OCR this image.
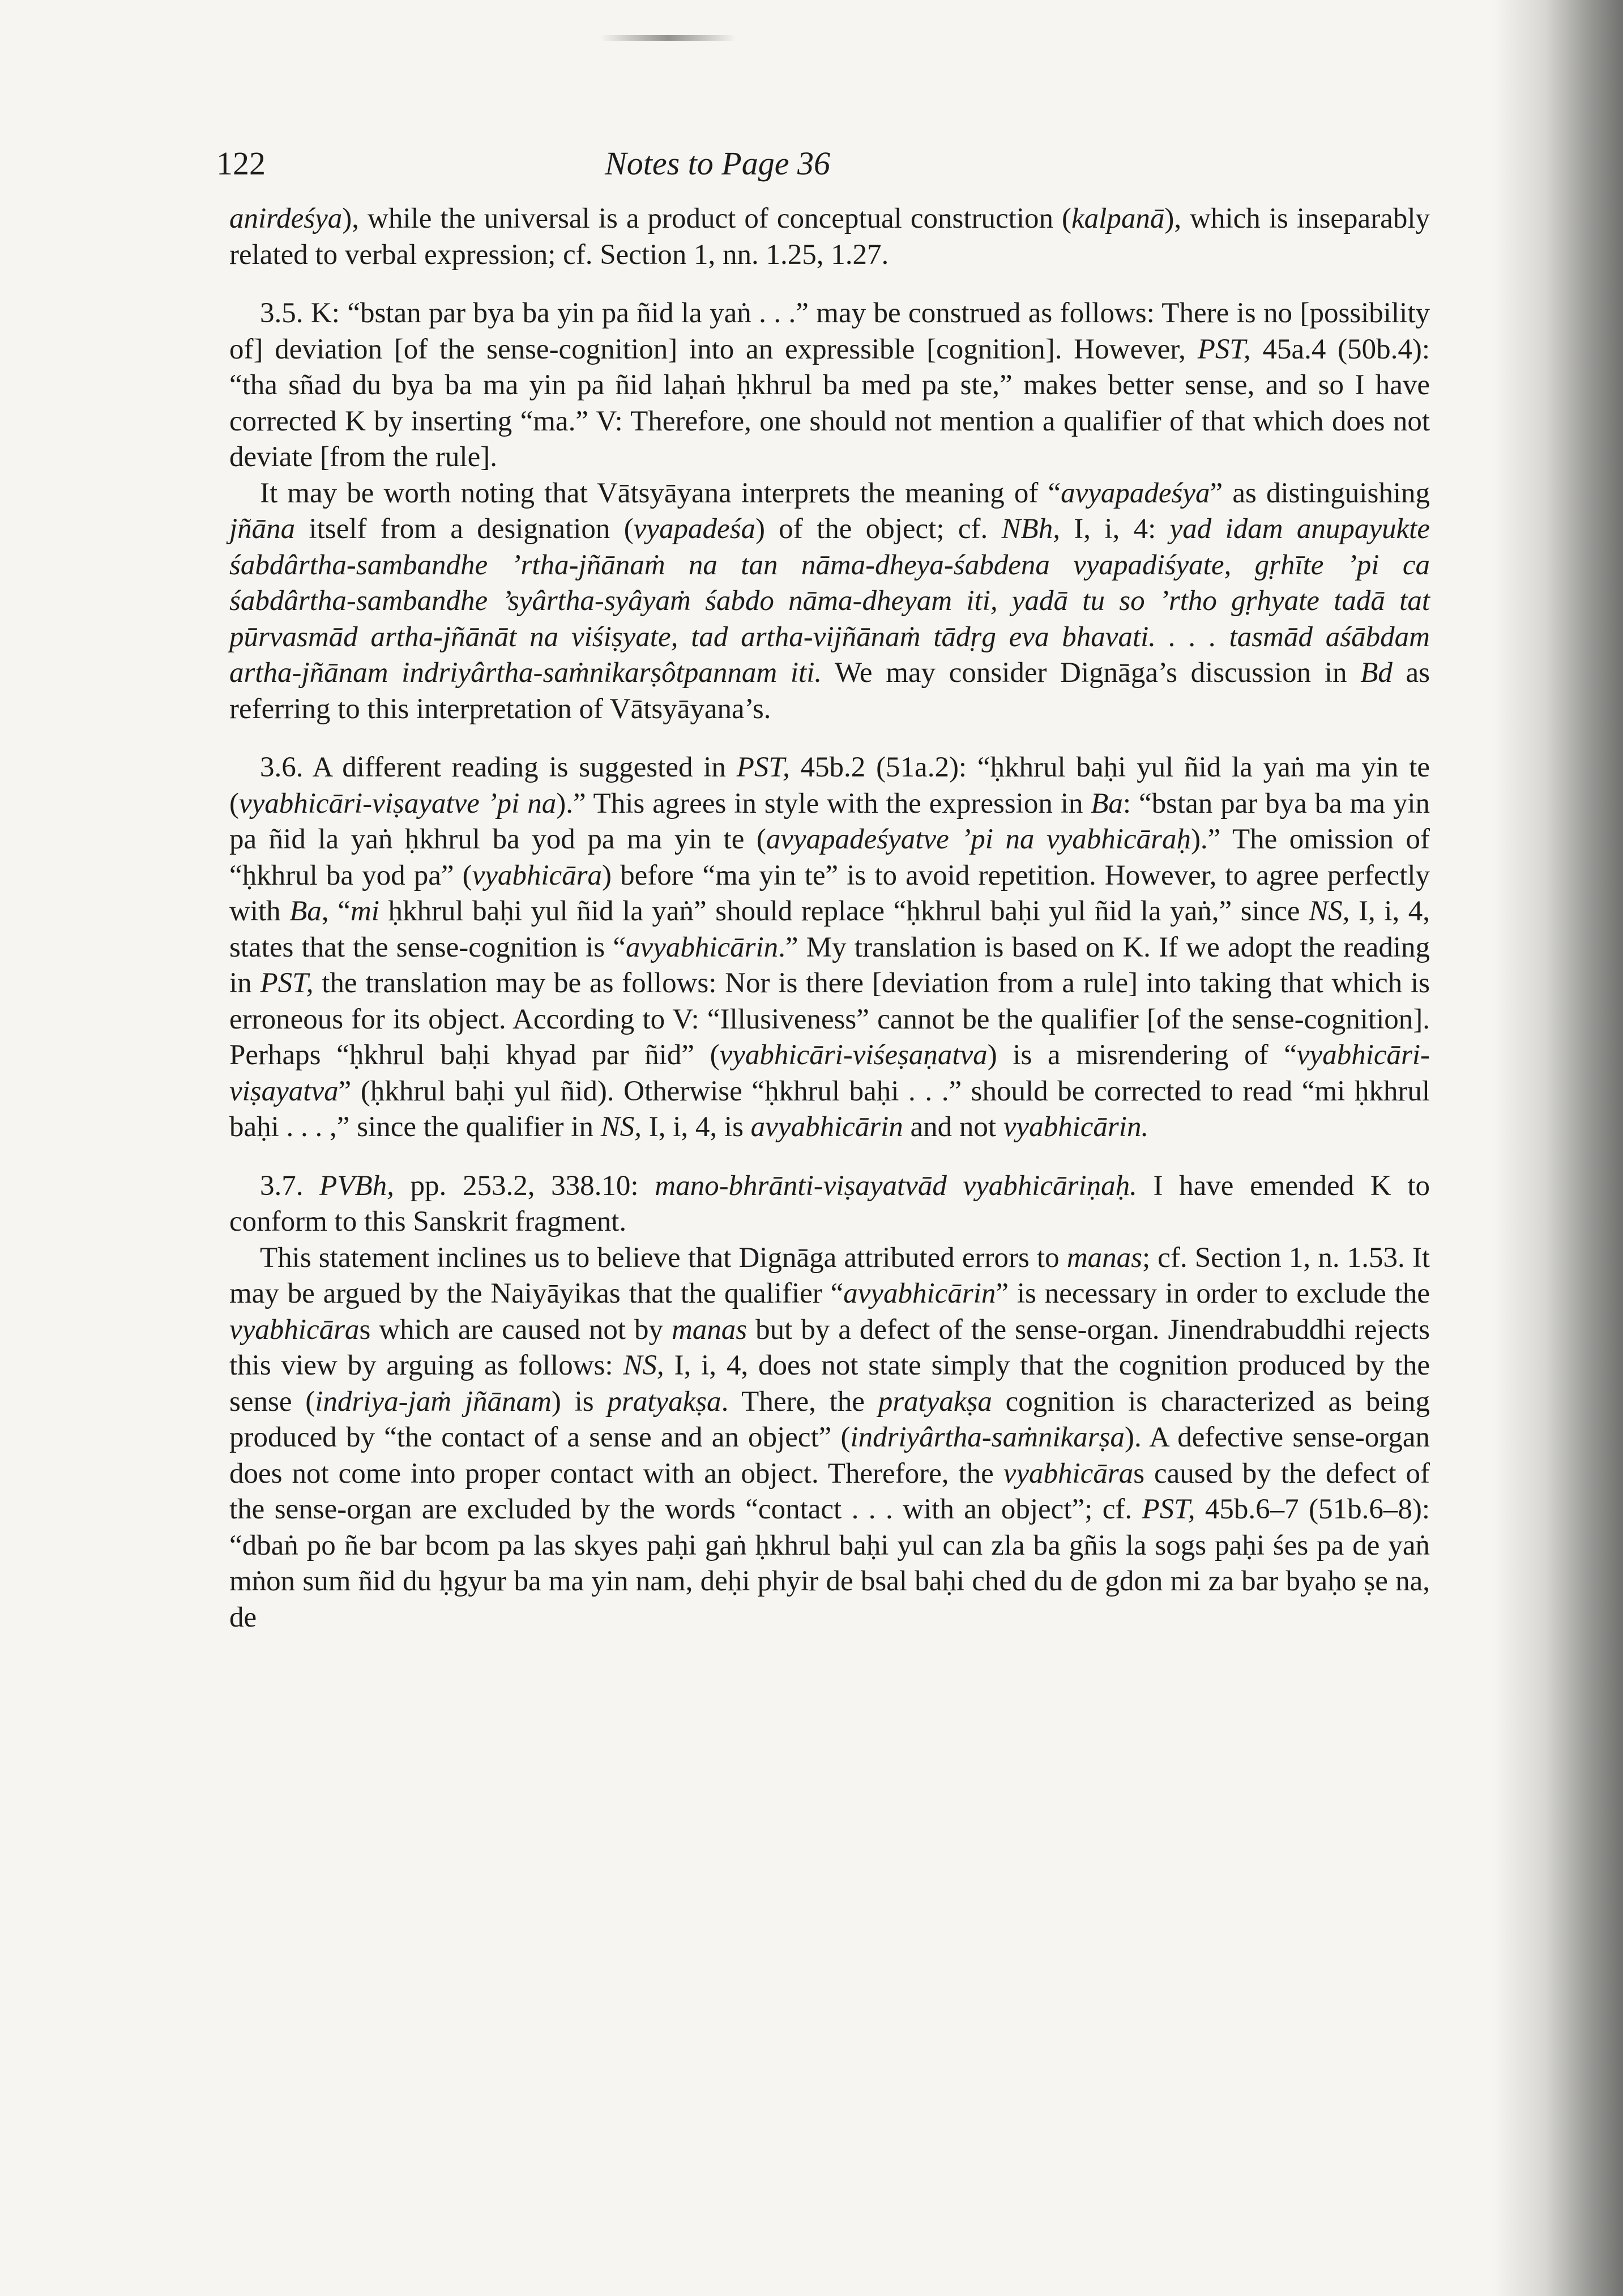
122	Notes to Page 36

anirdeśya), while the universal is a product of conceptual construction (kalpanā), which is inseparably related to verbal expression; cf. Section 1, nn. 1.25, 1.27.

3.5. K: “bstan par bya ba yin pa ñid la yaṅ . . .” may be construed as follows: There is no [possibility of] deviation [of the sense-cognition] into an expressible [cognition]. However, PST, 45a.4 (50b.4): “tha sñad du bya ba ma yin pa ñid laḥaṅ ḥkhrul ba med pa ste,” makes better sense, and so I have corrected K by inserting “ma.” V: Therefore, one should not mention a qualifier of that which does not deviate [from the rule].

It may be worth noting that Vātsyāyana interprets the meaning of “avyapadeśya” as distinguishing jñāna itself from a designation (vyapadeśa) of the object; cf. NBh, I, i, 4: yad idam anupayukte śabdârtha-sambandhe ’rtha-jñānaṁ na tan nāma-dheya-śabdena vyapadiśyate, gṛhīte ’pi ca śabdârtha-sambandhe ’syârtha-syâyaṁ śabdo nāma-dheyam iti, yadā tu so ’rtho gṛhyate tadā tat pūrvasmād artha-jñānāt na viśiṣyate, tad artha-vijñānaṁ tādṛg eva bhavati. . . . tasmād aśābdam artha-jñānam indriyârtha-saṁnikarṣôtpannam iti. We may consider Dignāga’s discussion in Bd as referring to this interpretation of Vātsyāyana’s.

3.6. A different reading is suggested in PST, 45b.2 (51a.2): “ḥkhrul baḥi yul ñid la yaṅ ma yin te (vyabhicāri-viṣayatve ’pi na).” This agrees in style with the expression in Ba: “bstan par bya ba ma yin pa ñid la yaṅ ḥkhrul ba yod pa ma yin te (avyapadeśyatve ’pi na vyabhicāraḥ).” The omission of “ḥkhrul ba yod pa” (vyabhicāra) before “ma yin te” is to avoid repetition. However, to agree perfectly with Ba, “mi ḥkhrul baḥi yul ñid la yaṅ” should replace “ḥkhrul baḥi yul ñid la yaṅ,” since NS, I, i, 4, states that the sense-cognition is “avyabhicārin.” My translation is based on K. If we adopt the reading in PST, the translation may be as follows: Nor is there [deviation from a rule] into taking that which is erroneous for its object. According to V: “Illusiveness” cannot be the qualifier [of the sense-cognition]. Perhaps “ḥkhrul baḥi khyad par ñid” (vyabhicāri-viśeṣaṇatva) is a misrendering of “vyabhicāri-viṣayatva” (ḥkhrul baḥi yul ñid). Otherwise “ḥkhrul baḥi . . .” should be corrected to read “mi ḥkhrul baḥi . . . ,” since the qualifier in NS, I, i, 4, is avyabhicārin and not vyabhicārin.

3.7. PVBh, pp. 253.2, 338.10: mano-bhrānti-viṣayatvād vyabhicāriṇaḥ. I have emended K to conform to this Sanskrit fragment.

This statement inclines us to believe that Dignāga attributed errors to manas; cf. Section 1, n. 1.53. It may be argued by the Naiyāyikas that the qualifier “avyabhicārin” is necessary in order to exclude the vyabhicāras which are caused not by manas but by a defect of the sense-organ. Jinendrabuddhi rejects this view by arguing as follows: NS, I, i, 4, does not state simply that the cognition produced by the sense (indriya-jaṁ jñānam) is pratyakṣa. There, the pratyakṣa cognition is characterized as being produced by “the contact of a sense and an object” (indriyârtha-saṁnikarṣa). A defective sense-organ does not come into proper contact with an object. Therefore, the vyabhicāras caused by the defect of the sense-organ are excluded by the words “contact . . . with an object”; cf. PST, 45b.6–7 (51b.6–8): “dbaṅ po ñe bar bcom pa las skyes paḥi gaṅ ḥkhrul baḥi yul can zla ba gñis la sogs paḥi śes pa de yaṅ mṅon sum ñid du ḥgyur ba ma yin nam, deḥi phyir de bsal baḥi ched du de gdon mi za bar byaḥo ṣe na, de
